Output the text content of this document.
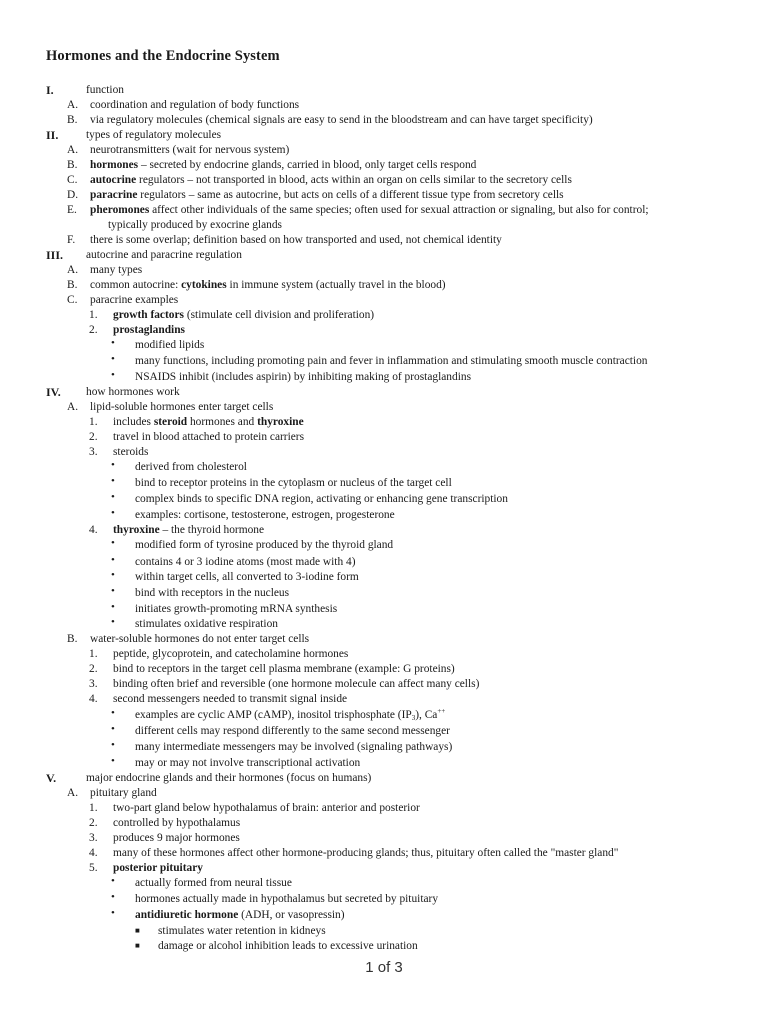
Hormones and the Endocrine System
I.	function
A. coordination and regulation of body functions
B. via regulatory molecules (chemical signals are easy to send in the bloodstream and can have target specificity)
II. types of regulatory molecules
A. neurotransmitters (wait for nervous system)
B. hormones – secreted by endocrine glands, carried in blood, only target cells respond
C. autocrine regulators – not transported in blood, acts within an organ on cells similar to the secretory cells
D. paracrine regulators – same as autocrine, but acts on cells of a different tissue type from secretory cells
E. pheromones affect other individuals of the same species; often used for sexual attraction or signaling, but also for control;
typically produced by exocrine glands
F. there is some overlap; definition based on how transported and used, not chemical identity
III. autocrine and paracrine regulation
A. many types
B. common autocrine: cytokines in immune system (actually travel in the blood)
C. paracrine examples
1. growth factors (stimulate cell division and proliferation)
2. prostaglandins
• modified lipids
• many functions, including promoting pain and fever in inflammation and stimulating smooth muscle contraction
• NSAIDS inhibit (includes aspirin) by inhibiting making of prostaglandins
IV. how hormones work
A. lipid-soluble hormones enter target cells
1. includes steroid hormones and thyroxine
2. travel in blood attached to protein carriers
3. steroids
• derived from cholesterol
• bind to receptor proteins in the cytoplasm or nucleus of the target cell
• complex binds to specific DNA region, activating or enhancing gene transcription
• examples: cortisone, testosterone, estrogen, progesterone
4. thyroxine – the thyroid hormone
• modified form of tyrosine produced by the thyroid gland
• contains 4 or 3 iodine atoms (most made with 4)
• within target cells, all converted to 3-iodine form
• bind with receptors in the nucleus
• initiates growth-promoting mRNA synthesis
• stimulates oxidative respiration
B. water-soluble hormones do not enter target cells
1. peptide, glycoprotein, and catecholamine hormones
2. bind to receptors in the target cell plasma membrane (example: G proteins)
3. binding often brief and reversible (one hormone molecule can affect many cells)
4. second messengers needed to transmit signal inside
• examples are cyclic AMP (cAMP), inositol trisphosphate $(IP_3)$, Ca++
• different cells may respond differently to the same second messenger
• many intermediate messengers may be involved (signaling pathways)
• may or may not involve transcriptional activation
V.	major endocrine glands and their hormones (focus on humans)
A. pituitary gland
1. two-part gland below hypothalamus of brain: anterior and posterior
2. controlled by hypothalamus
3. produces 9 major hormones
4. many of these hormones affect other hormone-producing glands; thus, pituitary often called the "master gland"
5. posterior pituitary
• actually formed from neural tissue
• hormones actually made in hypothalamus but secreted by pituitary
• antidiuretic hormone (ADH, or vasopressin)
■ stimulates water retention in kidneys
■ damage or alcohol inhibition leads to excessive urination
1 of 3
